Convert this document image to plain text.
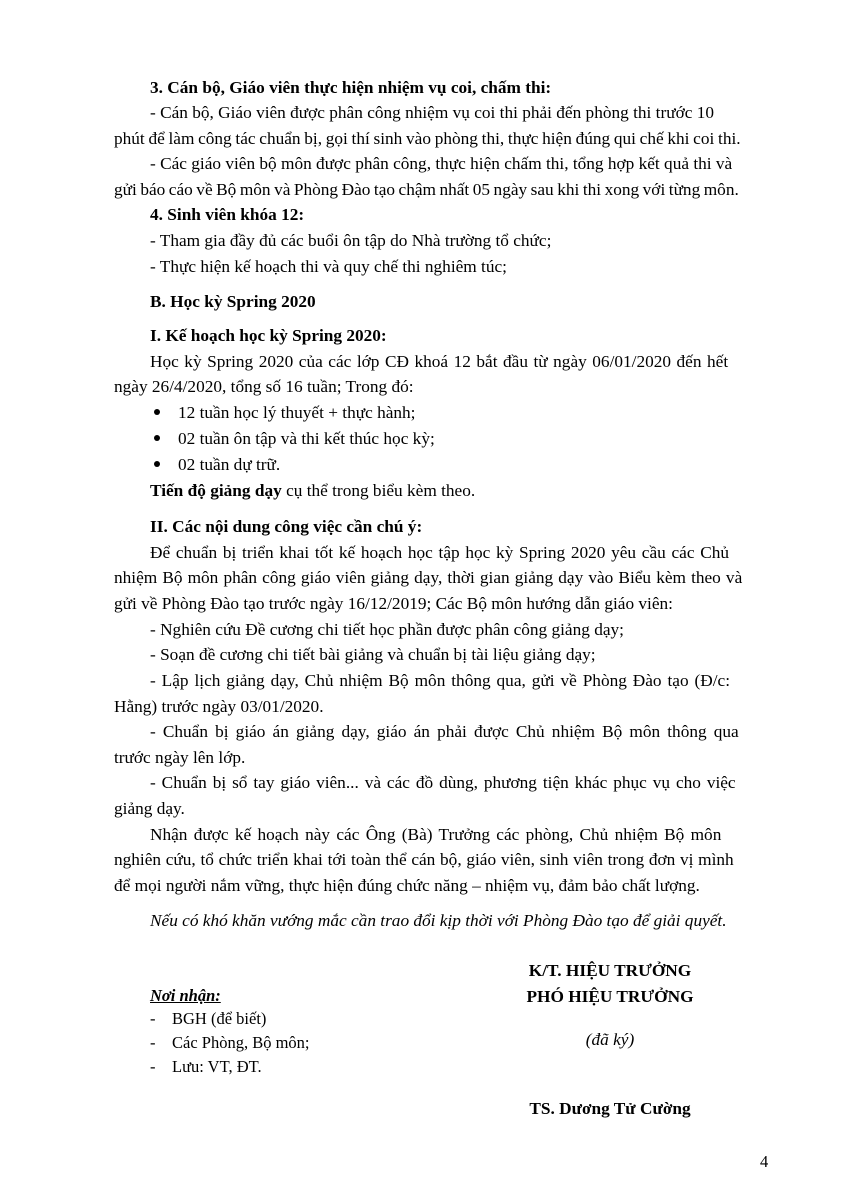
3. Cán bộ, Giáo viên thực hiện nhiệm vụ coi, chấm thi:
- Cán bộ, Giáo viên được phân công nhiệm vụ coi thi phải đến phòng thi trước 10
phút để làm công tác chuẩn bị, gọi thí sinh vào phòng thi, thực hiện đúng qui chế khi coi thi.
- Các giáo viên bộ môn được phân công, thực hiện chấm thi, tổng hợp kết quả thi và
gửi báo cáo về Bộ môn và Phòng Đào tạo chậm nhất 05 ngày sau khi thi xong với từng môn.
4. Sinh viên khóa 12:
- Tham gia đầy đủ các buổi ôn tập do Nhà trường tổ chức;
- Thực hiện kế hoạch thi và quy chế thi nghiêm túc;
B. Học kỳ Spring 2020
I. Kế hoạch học kỳ Spring 2020:
Học kỳ Spring 2020 của các lớp CĐ khoá 12 bắt đầu từ ngày 06/01/2020 đến hết
ngày 26/4/2020, tổng số 16 tuần; Trong đó:
12 tuần học lý thuyết + thực hành;
02 tuần ôn tập và thi kết thúc học kỳ;
02 tuần dự trữ.
Tiến độ giảng dạy cụ thể trong biểu kèm theo.
II. Các nội dung công việc cần chú ý:
Để chuẩn bị triển khai tốt kế hoạch học tập học kỳ Spring 2020 yêu cầu các Chủ
nhiệm Bộ môn phân công giáo viên giảng dạy, thời gian giảng dạy vào Biểu kèm theo và
gửi về Phòng Đào tạo trước ngày 16/12/2019; Các Bộ môn hướng dẫn giáo viên:
- Nghiên cứu Đề cương chi tiết học phần được phân công giảng dạy;
- Soạn đề cương chi tiết bài giảng và chuẩn bị tài liệu giảng dạy;
- Lập lịch giảng dạy, Chủ nhiệm Bộ môn thông qua, gửi về Phòng Đào tạo (Đ/c:
Hằng) trước ngày 03/01/2020.
- Chuẩn bị giáo án giảng dạy, giáo án phải được Chủ nhiệm Bộ môn thông qua
trước ngày lên lớp.
- Chuẩn bị sổ tay giáo viên... và các đồ dùng, phương tiện khác phục vụ cho việc
giảng dạy.
Nhận được kế hoạch này các Ông (Bà) Trưởng các phòng, Chủ nhiệm Bộ môn
nghiên cứu, tổ chức triển khai tới toàn thể cán bộ, giáo viên, sinh viên trong đơn vị mình
để mọi người nắm vững, thực hiện đúng chức năng – nhiệm vụ, đảm bảo chất lượng.
Nếu có khó khăn vướng mắc cần trao đổi kịp thời với Phòng Đào tạo để giải quyết.
Nơi nhận:
- BGH (để biết)
- Các Phòng, Bộ môn;
- Lưu: VT, ĐT.
K/T. HIỆU TRƯỞNG
PHÓ HIỆU TRƯỞNG
(đã ký)
TS. Dương Tử Cường
4
